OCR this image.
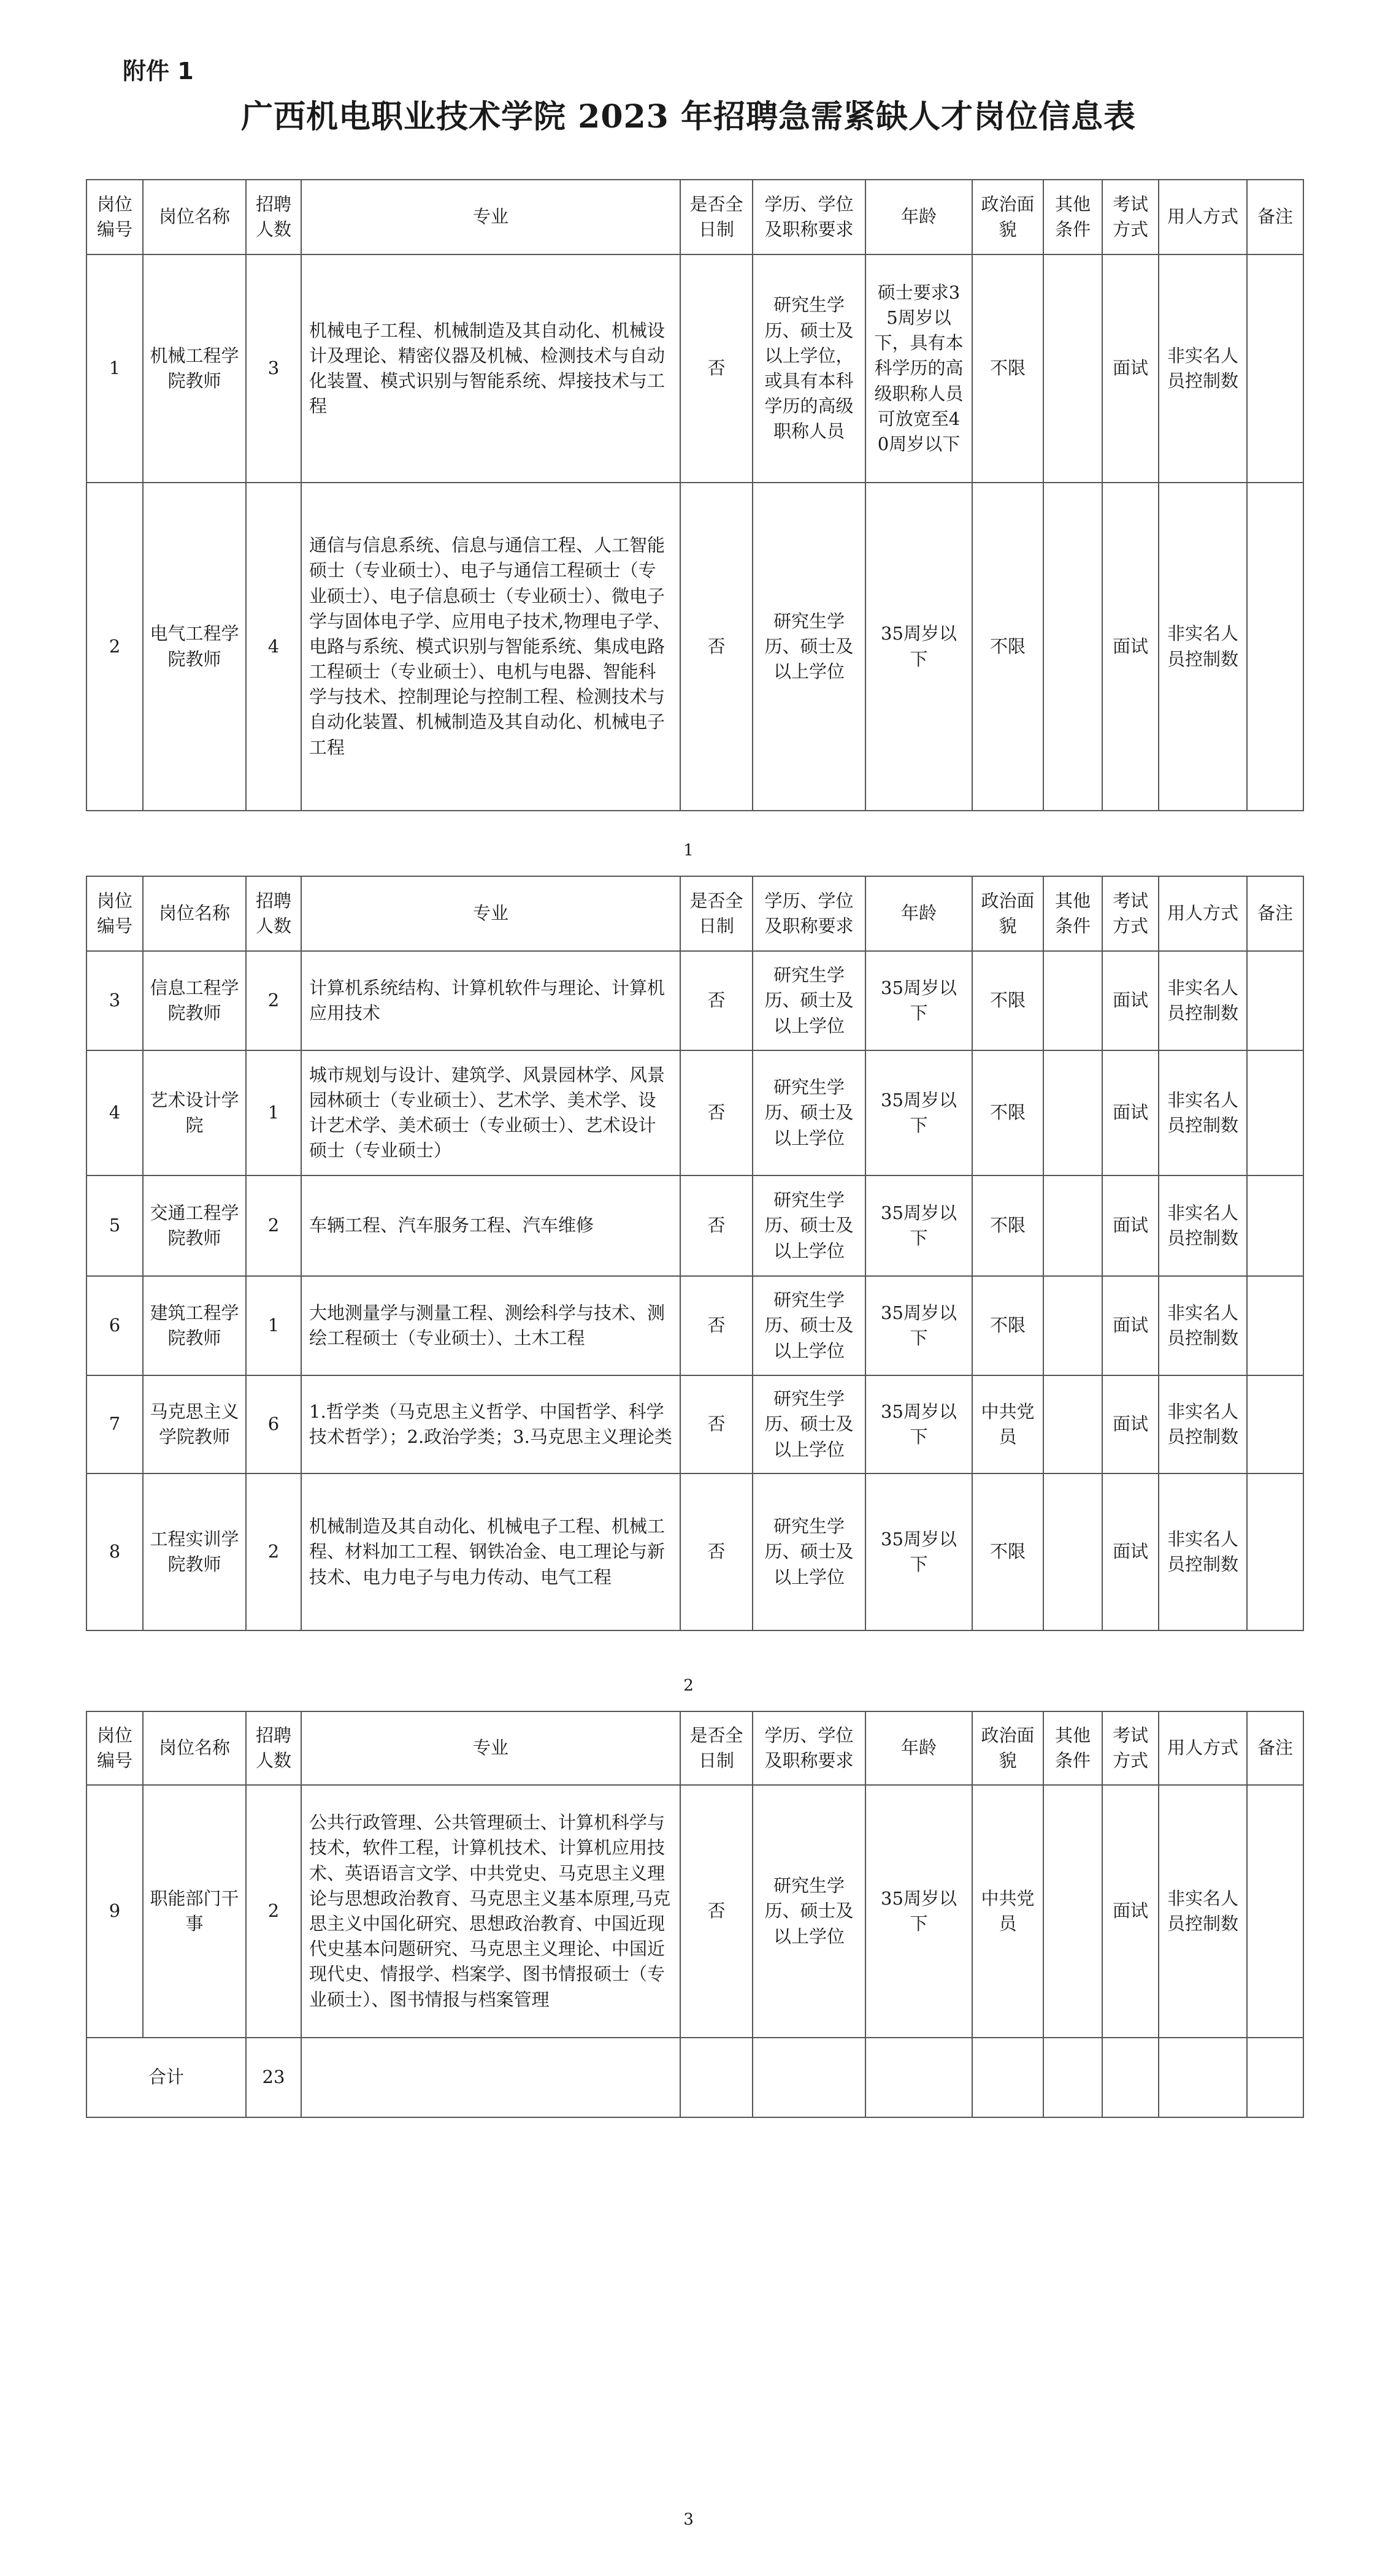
附件 1
广西机电职业技术学院 2023 年招聘急需紧缺人才岗位信息表
岗位编号	岗位名称	招聘人数	专业	是否全日制	学历、学位及职称要求	年龄	政治面貌	其他条件	考试方式	用人方式	备注
1	机械工程学院教师	3	机械电子工程、机械制造及其自动化、机械设计及理论、精密仪器及机械、检测技术与自动化装置、模式识别与智能系统、焊接技术与工程	否	研究生学历、硕士及以上学位，或具有本科学历的高级职称人员	硕士要求35周岁以下，具有本科学历的高级职称人员可放宽至40周岁以下	不限		面试	非实名人员控制数	
2	电气工程学院教师	4	通信与信息系统、信息与通信工程、人工智能硕士（专业硕士）、电子与通信工程硕士（专业硕士）、电子信息硕士（专业硕士）、微电子学与固体电子学、应用电子技术,物理电子学、电路与系统、模式识别与智能系统、集成电路工程硕士（专业硕士）、电机与电器、智能科学与技术、控制理论与控制工程、检测技术与自动化装置、机械制造及其自动化、机械电子工程	否	研究生学历、硕士及以上学位	35周岁以下	不限		面试	非实名人员控制数	
1
岗位编号	岗位名称	招聘人数	专业	是否全日制	学历、学位及职称要求	年龄	政治面貌	其他条件	考试方式	用人方式	备注
3	信息工程学院教师	2	计算机系统结构、计算机软件与理论、计算机应用技术	否	研究生学历、硕士及以上学位	35周岁以下	不限		面试	非实名人员控制数	
4	艺术设计学院	1	城市规划与设计、建筑学、风景园林学、风景园林硕士（专业硕士）、艺术学、美术学、设计艺术学、美术硕士（专业硕士）、艺术设计硕士（专业硕士）	否	研究生学历、硕士及以上学位	35周岁以下	不限		面试	非实名人员控制数	
5	交通工程学院教师	2	车辆工程、汽车服务工程、汽车维修	否	研究生学历、硕士及以上学位	35周岁以下	不限		面试	非实名人员控制数	
6	建筑工程学院教师	1	大地测量学与测量工程、测绘科学与技术、测绘工程硕士（专业硕士）、土木工程	否	研究生学历、硕士及以上学位	35周岁以下	不限		面试	非实名人员控制数	
7	马克思主义学院教师	6	1.哲学类（马克思主义哲学、中国哲学、科学技术哲学）；2.政治学类；3.马克思主义理论类	否	研究生学历、硕士及以上学位	35周岁以下	中共党员		面试	非实名人员控制数	
8	工程实训学院教师	2	机械制造及其自动化、机械电子工程、机械工程、材料加工工程、钢铁冶金、电工理论与新技术、电力电子与电力传动、电气工程	否	研究生学历、硕士及以上学位	35周岁以下	不限		面试	非实名人员控制数	
2
岗位编号	岗位名称	招聘人数	专业	是否全日制	学历、学位及职称要求	年龄	政治面貌	其他条件	考试方式	用人方式	备注
9	职能部门干事	2	公共行政管理、公共管理硕士、计算机科学与技术，软件工程，计算机技术、计算机应用技术、英语语言文学、中共党史、马克思主义理论与思想政治教育、马克思主义基本原理,马克思主义中国化研究、思想政治教育、中国近现代史基本问题研究、马克思主义理论、中国近现代史、情报学、档案学、图书情报硕士（专业硕士）、图书情报与档案管理	否	研究生学历、硕士及以上学位	35周岁以下	中共党员		面试	非实名人员控制数	
合计		23									
3
